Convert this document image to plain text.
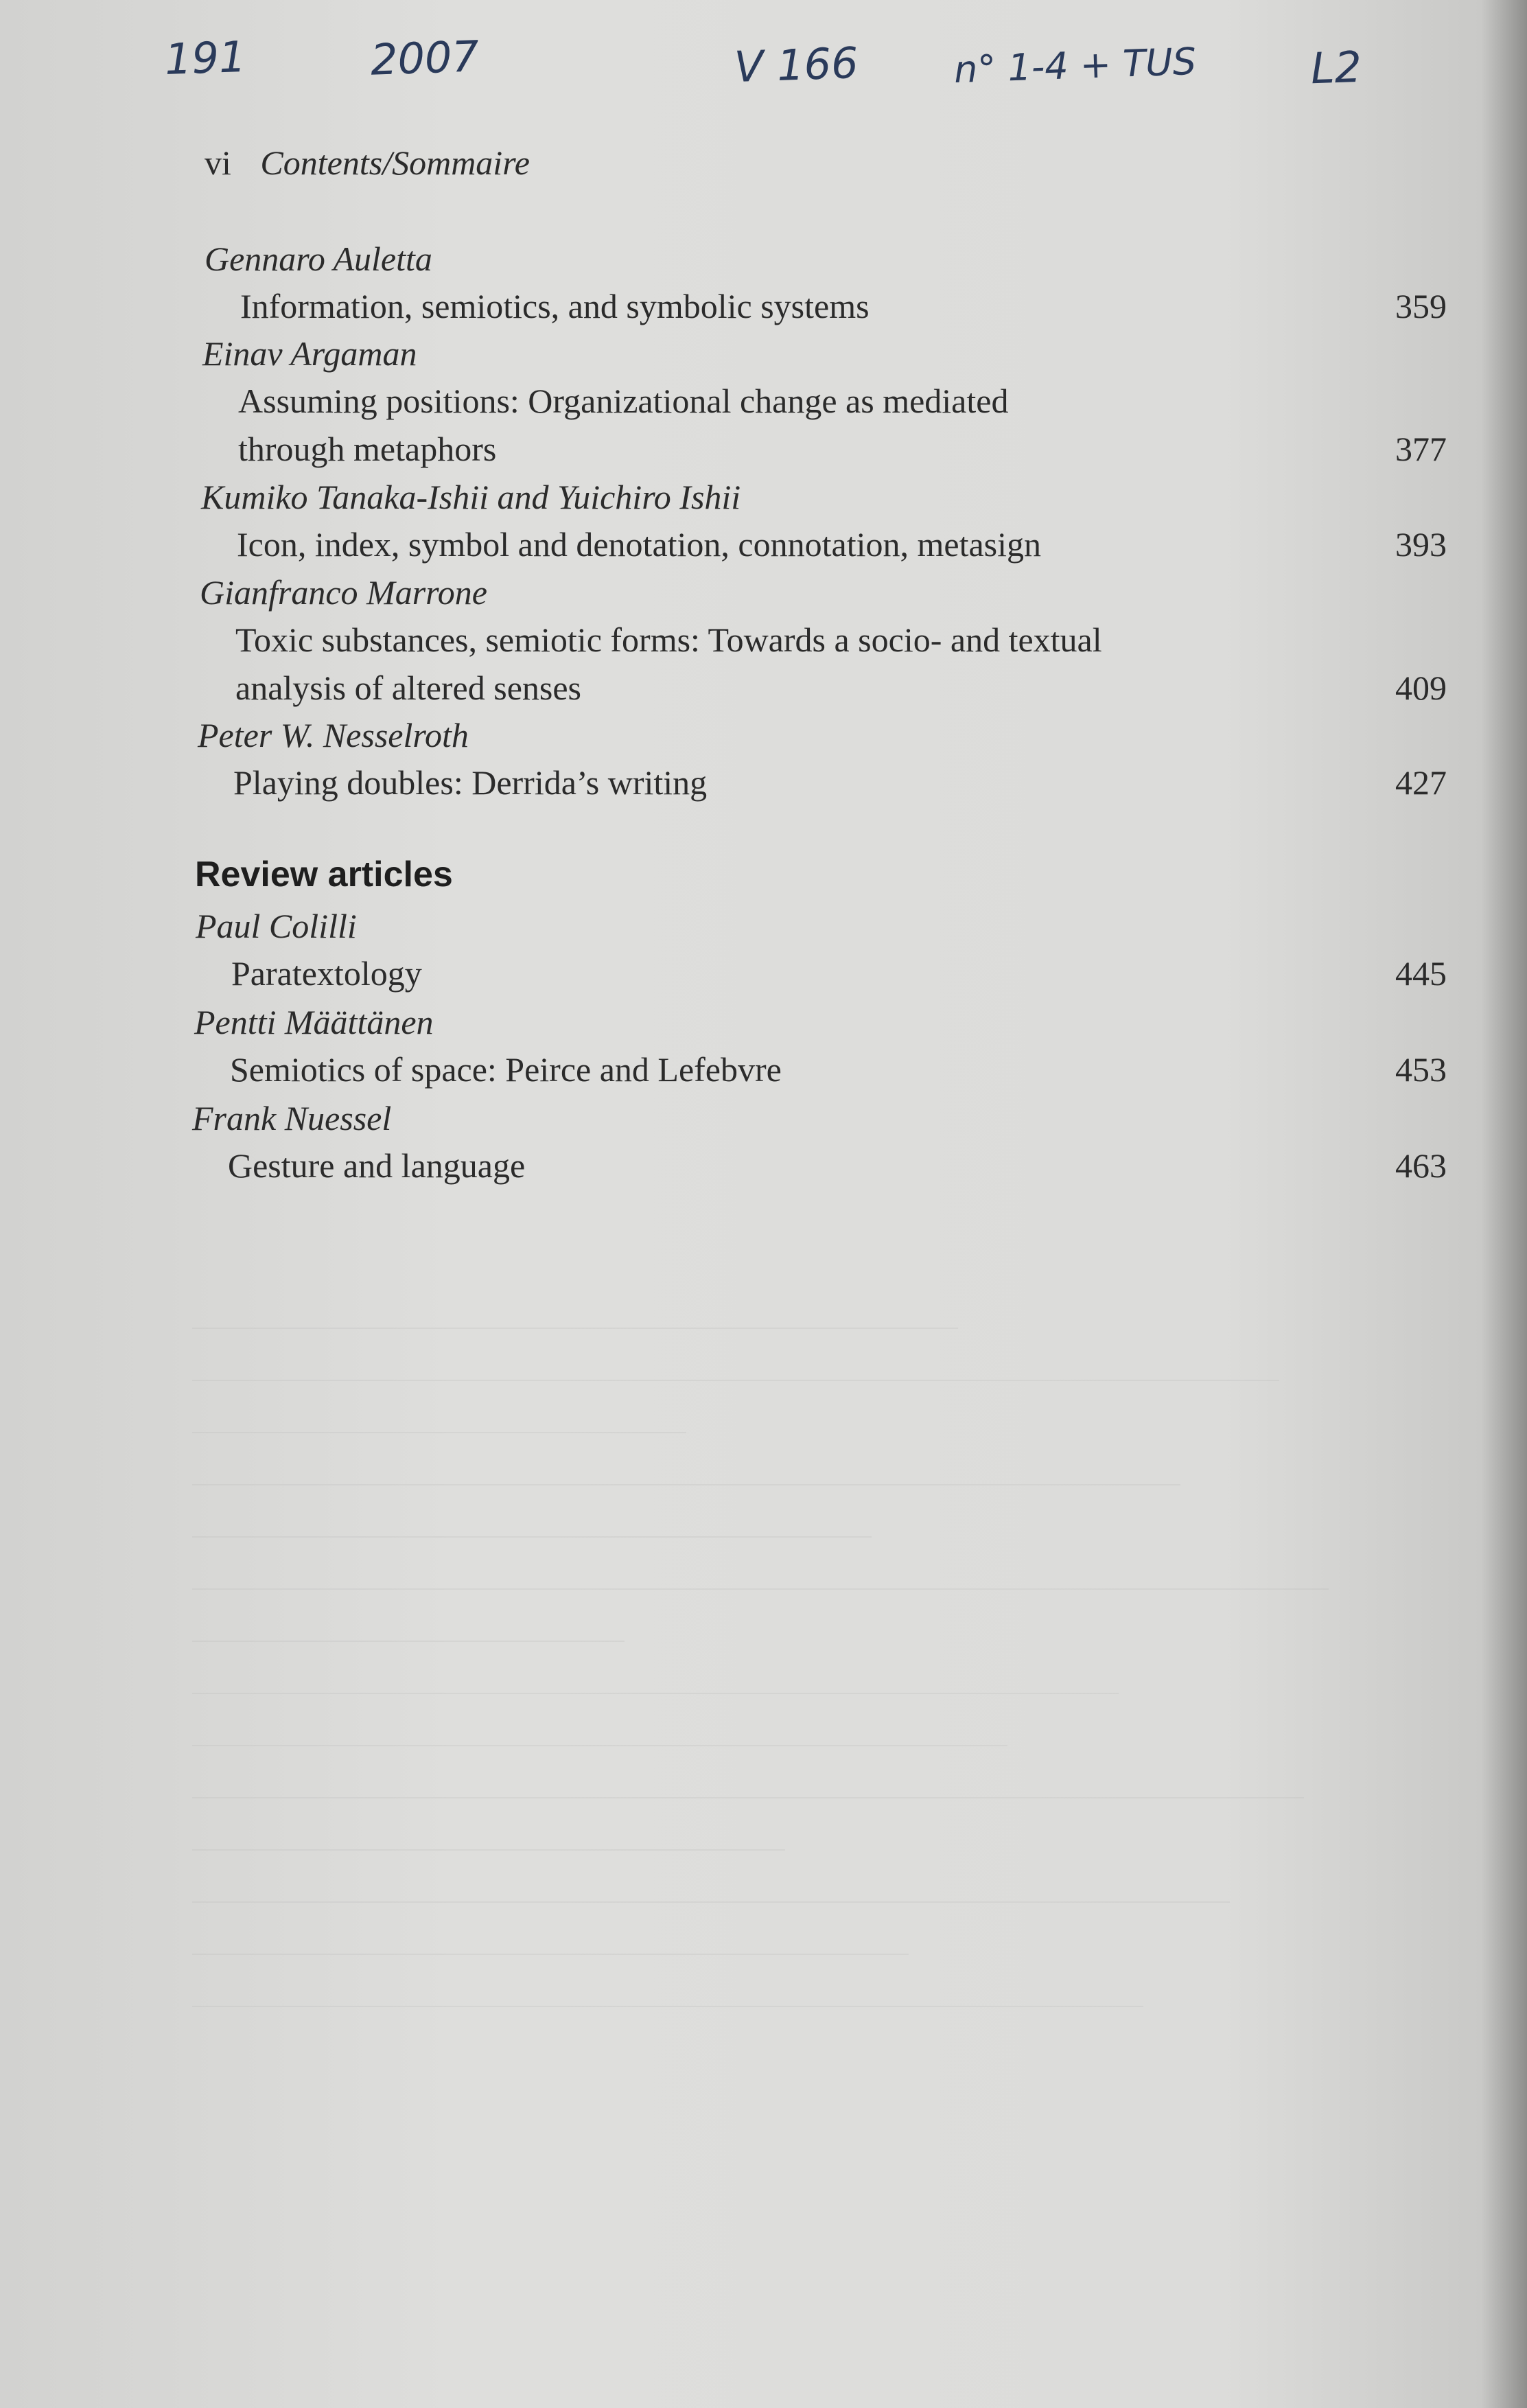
191	2007	V 166	n° 1-4 + TUS	L2
vi Contents/Sommaire
Gennaro Auletta
Information, semiotics, and symbolic systems	359
Einav Argaman
Assuming positions: Organizational change as mediated
through metaphors	377
Kumiko Tanaka-Ishii and Yuichiro Ishii
Icon, index, symbol and denotation, connotation, metasign	393
Gianfranco Marrone
Toxic substances, semiotic forms: Towards a socio- and textual
analysis of altered senses	409
Peter W. Nesselroth
Playing doubles: Derrida’s writing	427
Review articles
Paul Colilli
Paratextology	445
Pentti Määttänen
Semiotics of space: Peirce and Lefebvre	453
Frank Nuessel
Gesture and language	463
